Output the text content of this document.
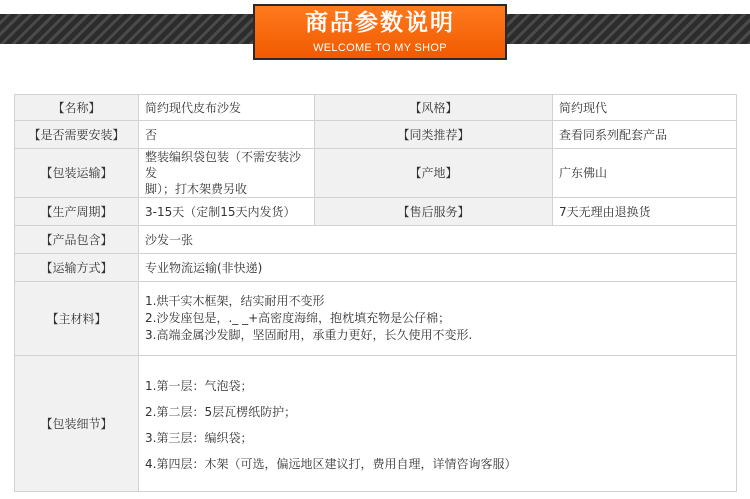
商品参数说明
WELCOME TO MY SHOP
【名称】	简约现代皮布沙发	【风格】	简约现代
【是否需要安装】	否	【同类推荐】	查看同系列配套产品
【包装运输】	整装编织袋包装（不需安装沙发
脚）；打木架费另收	【产地】	广东佛山
【生产周期】	3-15天（定制15天内发货）	【售后服务】	7天无理由退换货
【产品包含】	沙发一张		
【运输方式】	专业物流运输(非快递)		
【主材料】	1.烘干实木框架，结实耐用不变形
2.沙发座包是，._ _+高密度海绵，抱枕填充物是公仔棉；
3.高端金属沙发脚，坚固耐用，承重力更好，长久使用不变形.		

【包装细节】	1.第一层：气泡袋；
2.第二层：5层瓦楞纸防护；
3.第三层：编织袋；
4.第四层：木架（可选，偏远地区建议打，费用自理，详情咨询客服）		
